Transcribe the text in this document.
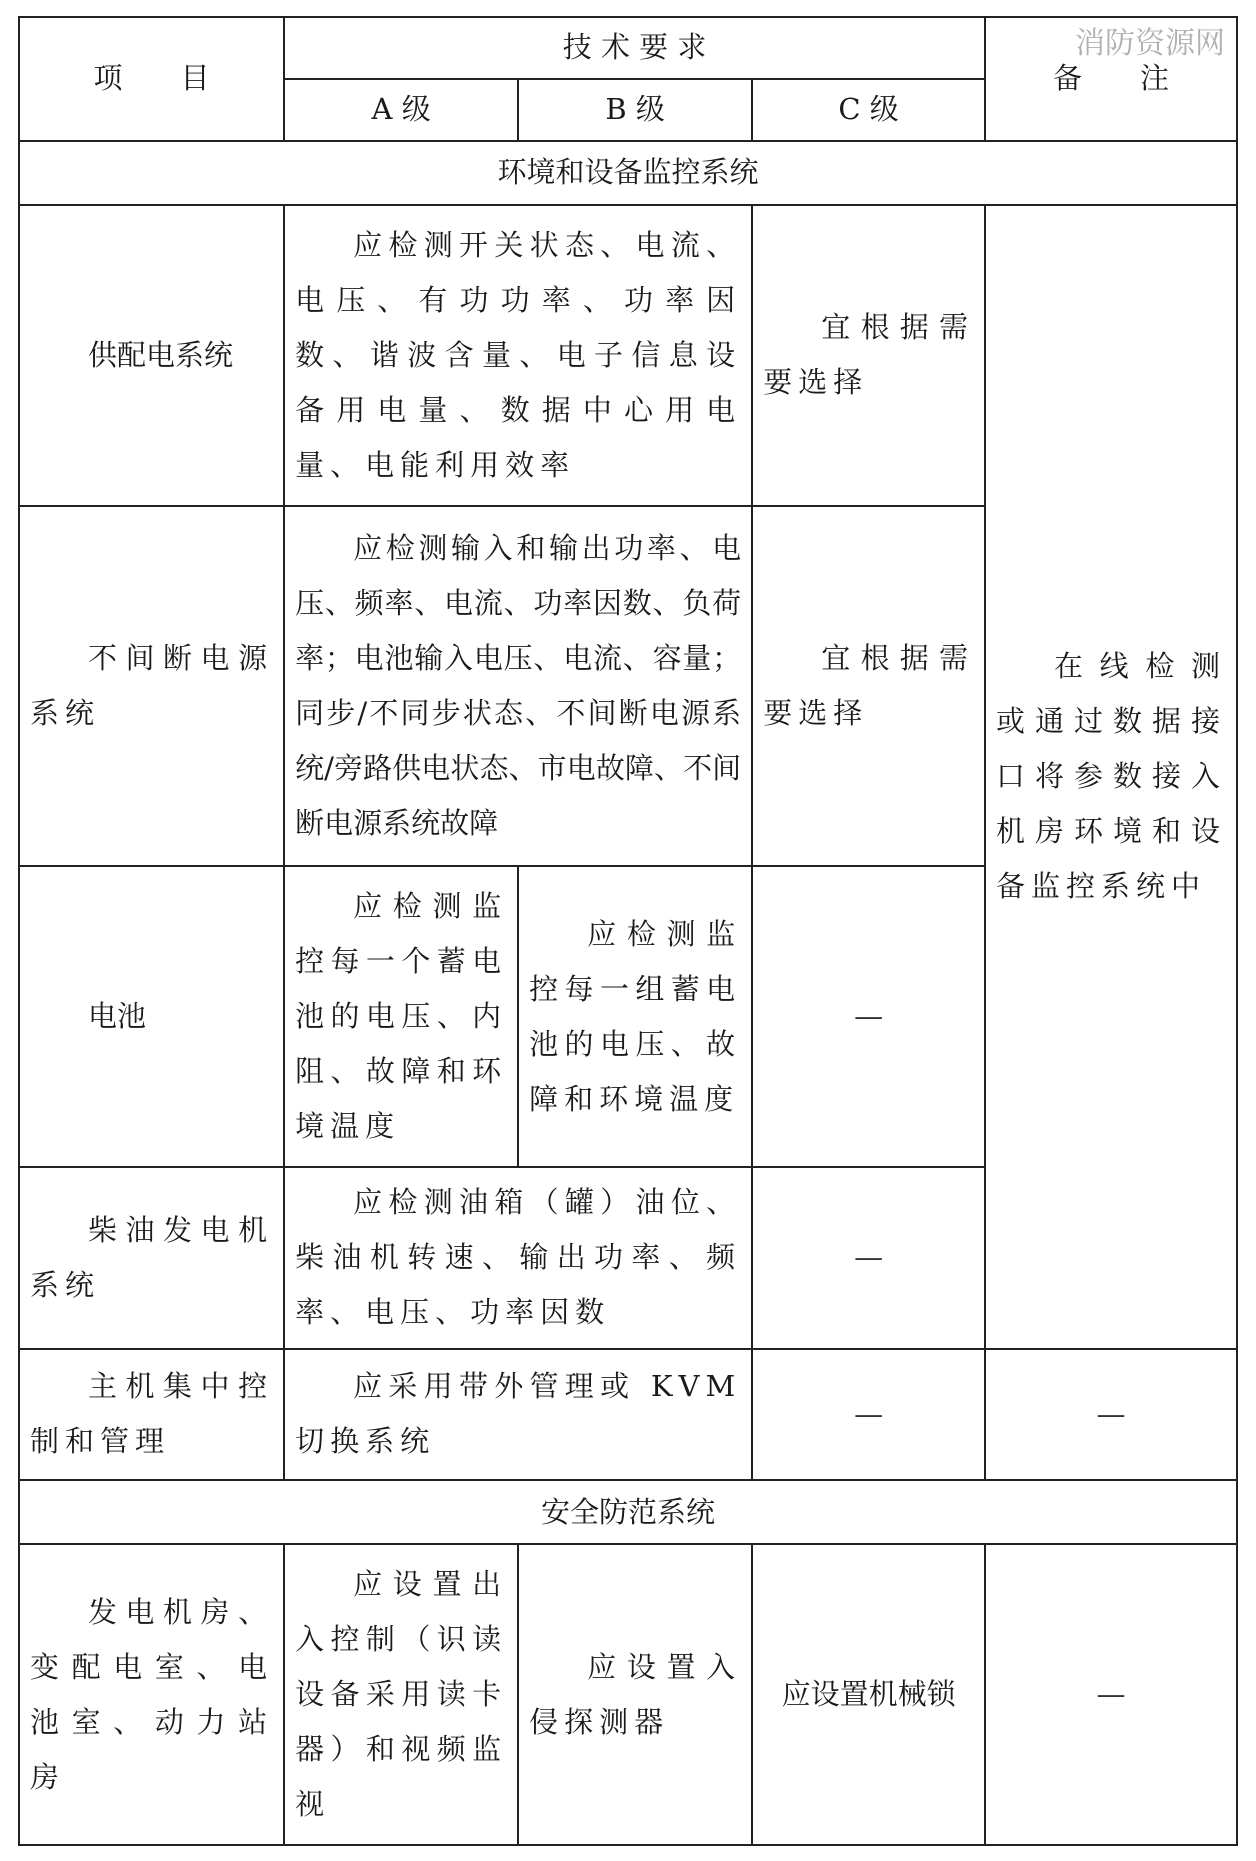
消防资源网
项　　目	技 术 要 求			备　　注
	A 级	B 级	C 级	
环境和设备监控系统				
供配电系统	应检测开关状态、电流、电压、有功功率、功率因数、谐波含量、电子信息设备用电量、数据中心用电量、电能利用效率		宜根据需要选择	在线检测或通过数据接口将参数接入机房环境和设备监控系统中
不间断电源系统	应检测输入和输出功率、电压、频率、电流、功率因数、负荷率；电池输入电压、电流、容量；同步/不同步状态、不间断电源系统/旁路供电状态、市电故障、不间断电源系统故障		宜根据需要选择	
电池	应检测监控每一个蓄电池的电压、内阻、故障和环境温度	应检测监控每一组蓄电池的电压、故障和环境温度	—	
柴油发电机系统	应检测油箱（罐）油位、柴油机转速、输出功率、频率、电压、功率因数		—	
主机集中控制和管理	应采用带外管理或 KVM 切换系统		—	—
安全防范系统				
发电机房、变配电室、电池室、动力站房	应设置出入控制（识读设备采用读卡器）和视频监视	应设置入侵探测器	应设置机械锁	—
